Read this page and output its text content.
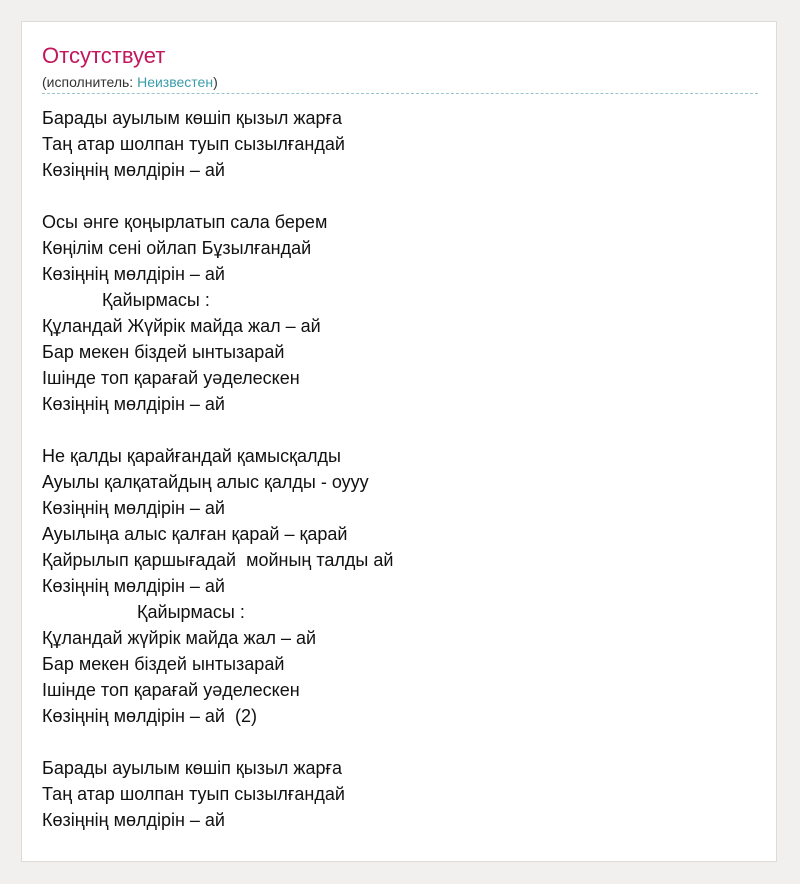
Отсутствует
(исполнитель: Неизвестен)
Барады ауылым көшіп қызыл жарға
Таң атар шолпан туып сызылғандай
Көзіңнің мөлдірін – ай
Осы әнге қоңырлатып сала берем
Көңілім сені ойлап Бұзылғандай
Көзіңнің мөлдірін – ай
Қайырмасы :
Құландай Жүйрік майда жал – ай
Бар мекен біздей ынтызарай
Ішінде топ қарағай уәделескен
Көзіңнің мөлдірін – ай
Не қалды қарайғандай қамысқалды
Ауылы қалқатайдың алыс қалды - оууу
Көзіңнің мөлдірін – ай
Ауылыңа алыс қалған қарай – қарай
Қайрылып қаршығадай  мойның талды ай
Көзіңнің мөлдірін – ай
Қайырмасы :
Құландай жүйрік майда жал – ай
Бар мекен біздей ынтызарай
Ішінде топ қарағай уәделескен
Көзіңнің мөлдірін – ай  (2)
Барады ауылым көшіп қызыл жарға
Таң атар шолпан туып сызылғандай
Көзіңнің мөлдірін – ай
